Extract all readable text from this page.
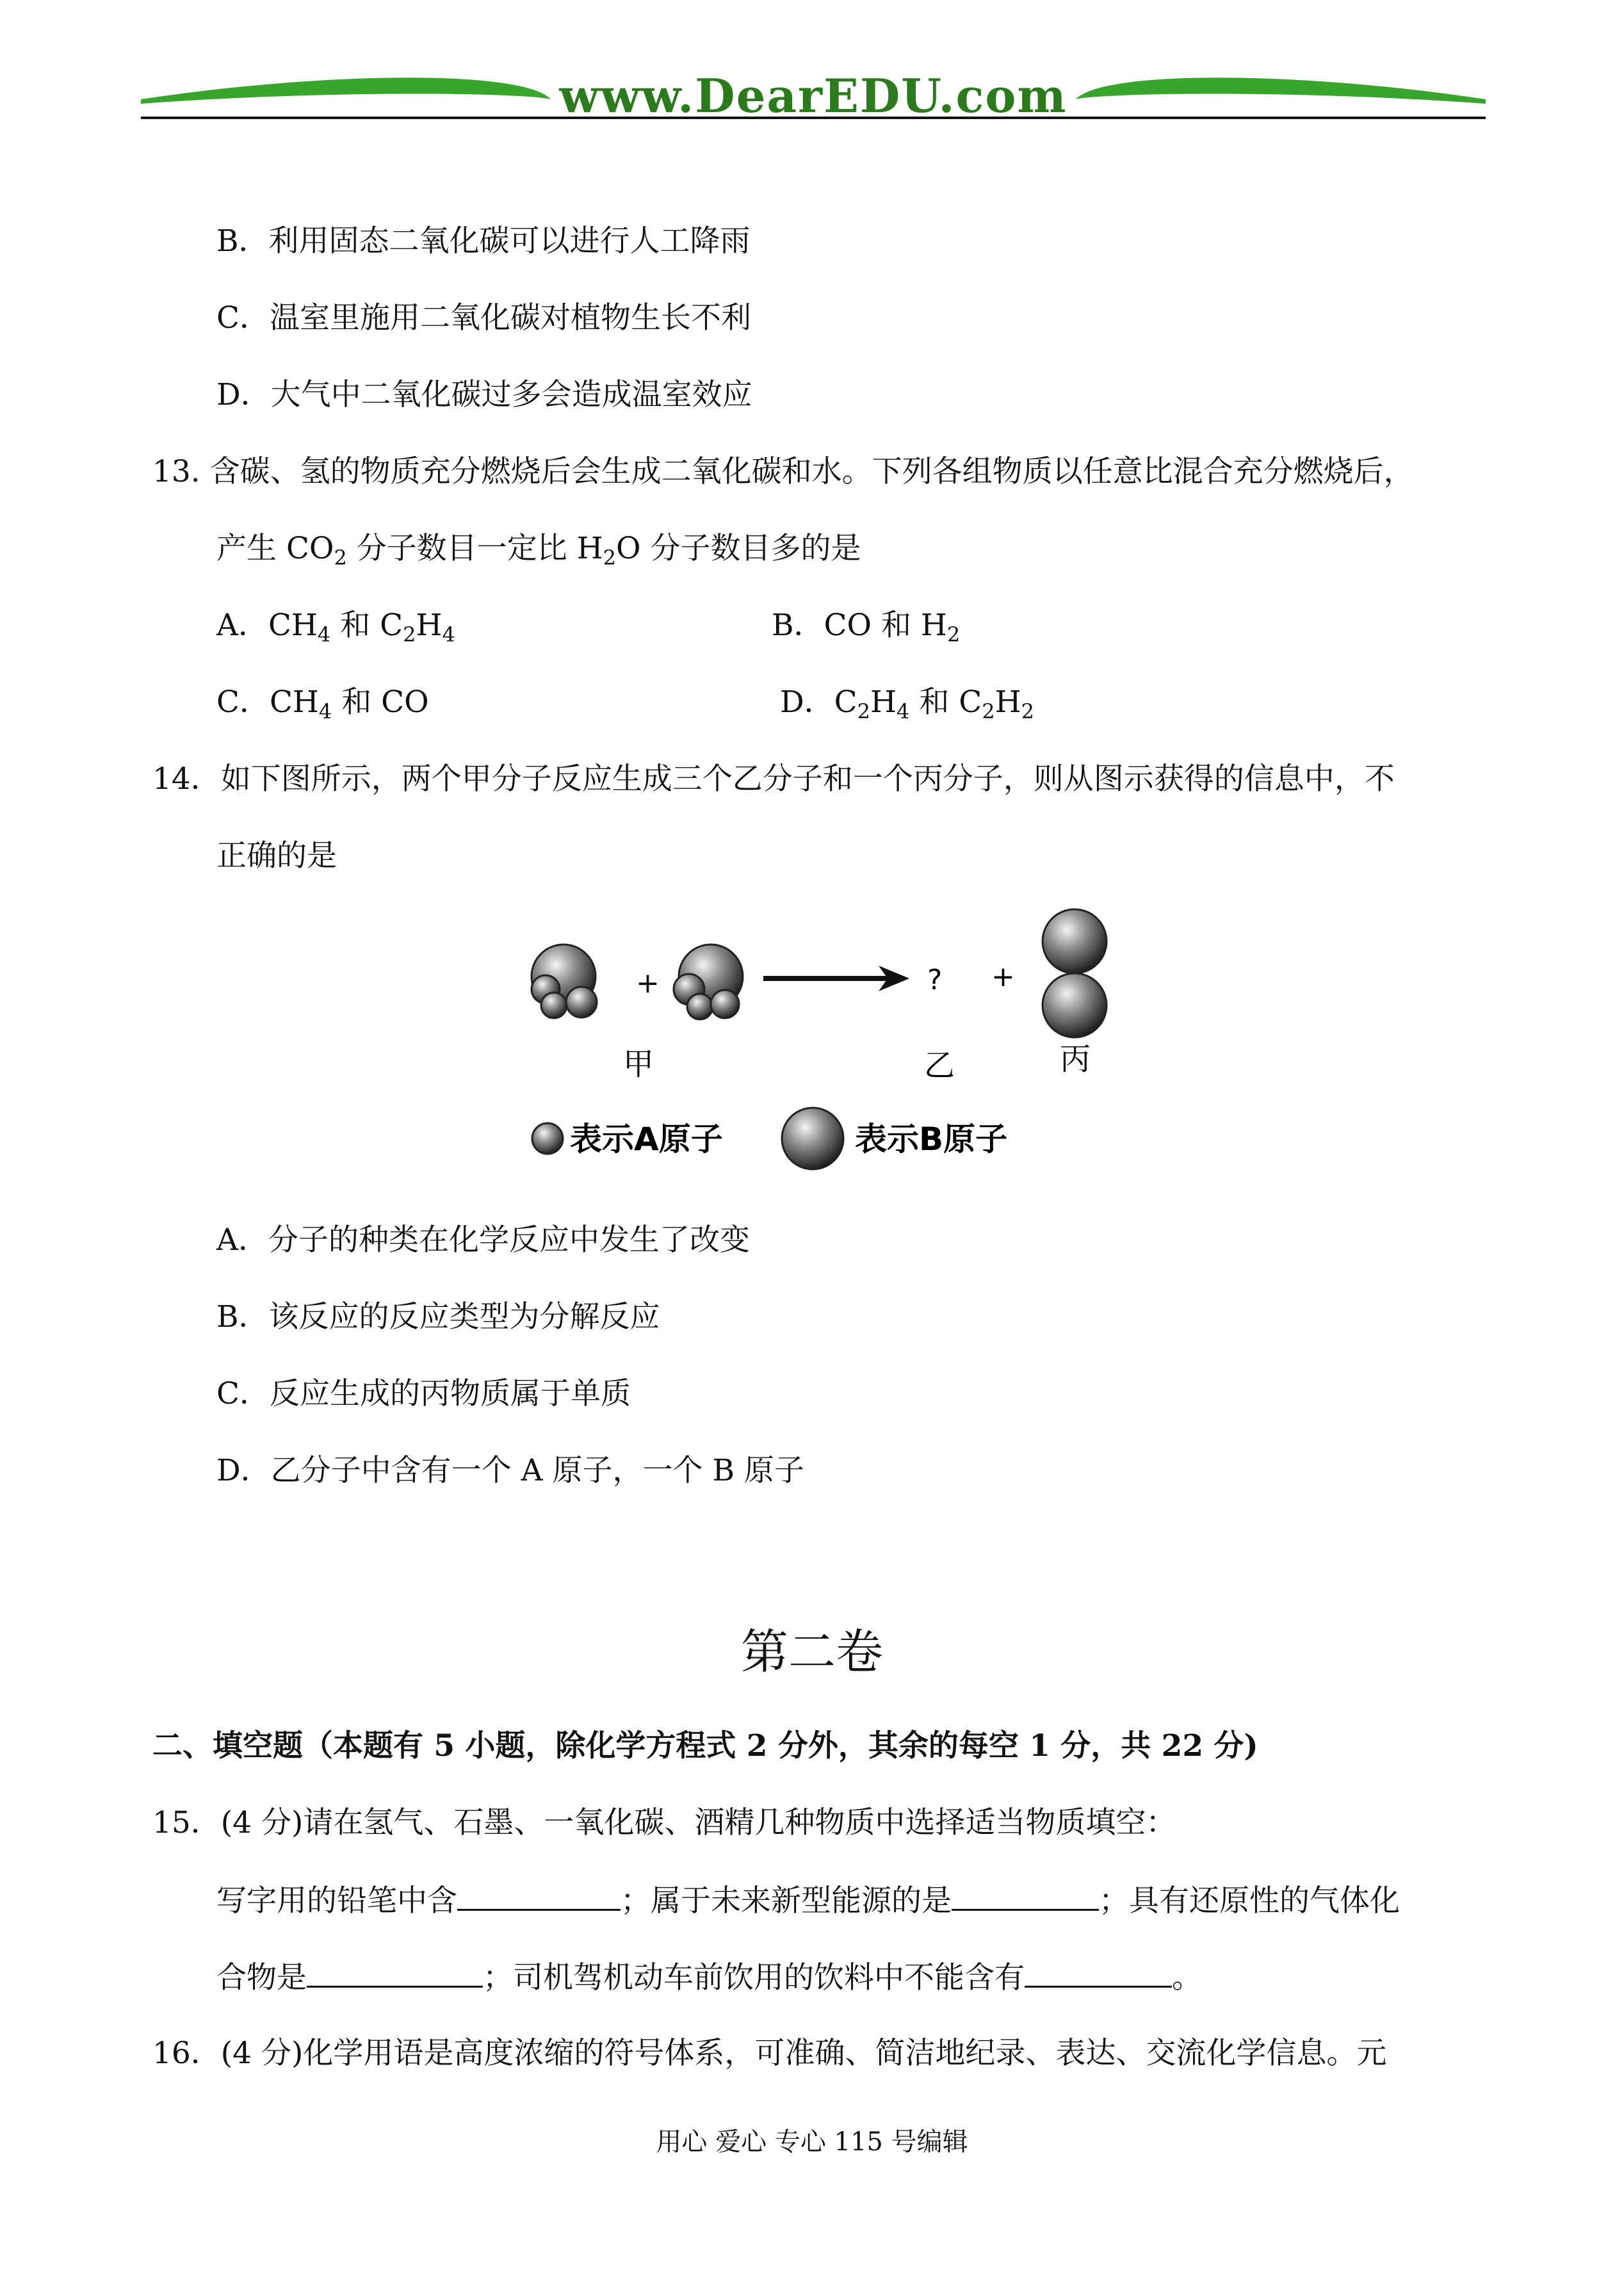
www.DearEDU.com
B．利用固态二氧化碳可以进行人工降雨
C．温室里施用二氧化碳对植物生长不利
D．大气中二氧化碳过多会造成温室效应
13. 含碳、氢的物质充分燃烧后会生成二氧化碳和水。下列各组物质以任意比混合充分燃烧后，
产生 $CO_2$ 分子数目一定比 $H_2O$ 分子数目多的是
A．$CH_4$ 和 $C_2H_4$	B．CO 和 $H_2$
C．$CH_4$ 和 CO	D．$C_2H_4$ 和 $C_2H_2$
14．如下图所示，两个甲分子反应生成三个乙分子和一个丙分子，则从图示获得的信息中，不
正确的是
+	? +
甲	乙	丙
表示A原子	表示B原子
A．分子的种类在化学反应中发生了改变
B．该反应的反应类型为分解反应
C．反应生成的丙物质属于单质
D．乙分子中含有一个 A 原子，一个 B 原子
第二卷
二、填空题（本题有 5 小题，除化学方程式 2 分外，其余的每空 1 分，共 22 分)
15．(4 分)请在氢气、石墨、一氧化碳、酒精几种物质中选择适当物质填空：
写字用的铅笔中含	；属于未来新型能源的是	；具有还原性的气体化
合物是	；司机驾机动车前饮用的饮料中不能含有	。
16．(4 分)化学用语是高度浓缩的符号体系，可准确、简洁地纪录、表达、交流化学信息。元
用心 爱心 专心 115 号编辑
